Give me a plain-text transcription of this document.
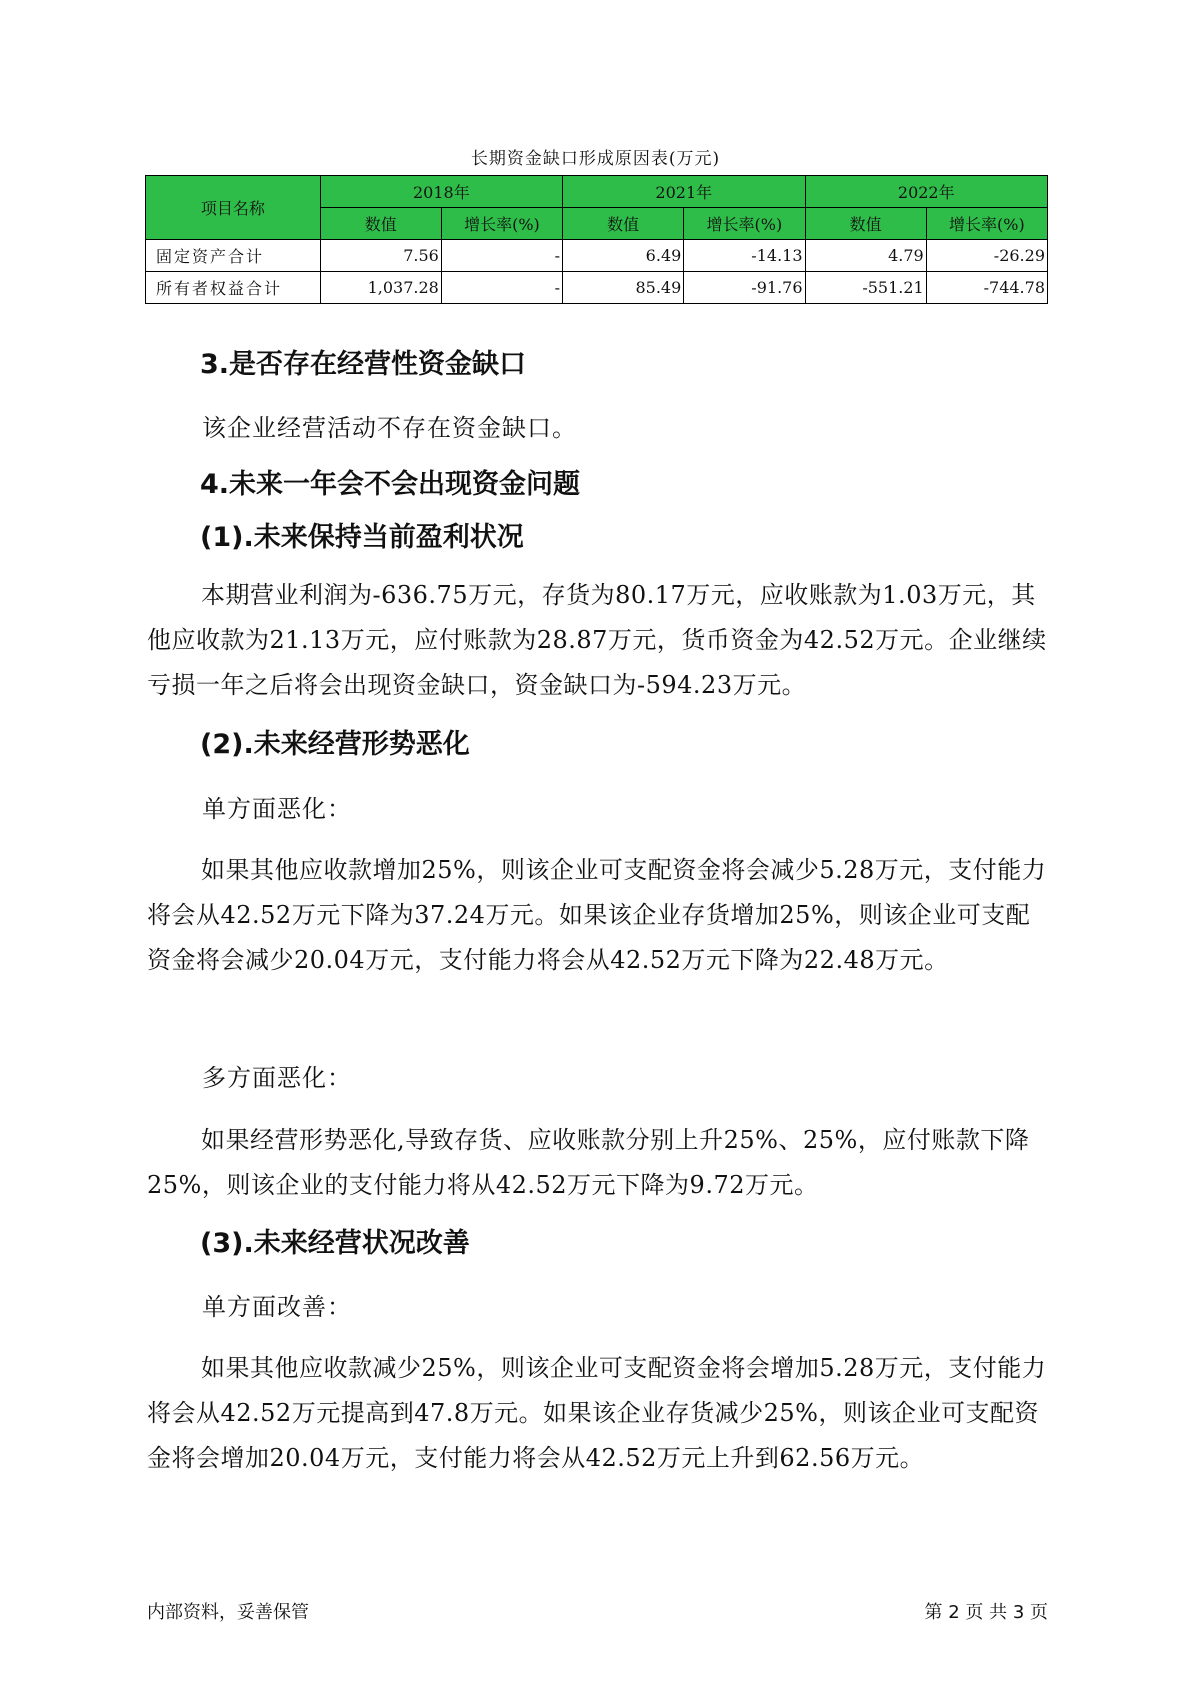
长期资金缺口形成原因表(万元)
项目名称	2018年		2021年		2022年	
	数值	增长率(%)	数值	增长率(%)	数值	增长率(%)
固定资产合计	7.56	-	6.49	-14.13	4.79	-26.29
所有者权益合计	1,037.28	-	85.49	-91.76	-551.21	-744.78
3.是否存在经营性资金缺口
该企业经营活动不存在资金缺口。
4.未来一年会不会出现资金问题
(1).未来保持当前盈利状况
本期营业利润为-636.75万元，存货为80.17万元，应收账款为1.03万元，其他应收款为21.13万元，应付账款为28.87万元，货币资金为42.52万元。企业继续亏损一年之后将会出现资金缺口，资金缺口为-594.23万元。
(2).未来经营形势恶化
单方面恶化：
如果其他应收款增加25%，则该企业可支配资金将会减少5.28万元，支付能力将会从42.52万元下降为37.24万元。如果该企业存货增加25%，则该企业可支配资金将会减少20.04万元，支付能力将会从42.52万元下降为22.48万元。
多方面恶化：
如果经营形势恶化,导致存货、应收账款分别上升25%、25%，应付账款下降25%，则该企业的支付能力将从42.52万元下降为9.72万元。
(3).未来经营状况改善
单方面改善：
如果其他应收款减少25%，则该企业可支配资金将会增加5.28万元，支付能力将会从42.52万元提高到47.8万元。如果该企业存货减少25%，则该企业可支配资金将会增加20.04万元，支付能力将会从42.52万元上升到62.56万元。
内部资料，妥善保管	第 2 页 共 3 页
